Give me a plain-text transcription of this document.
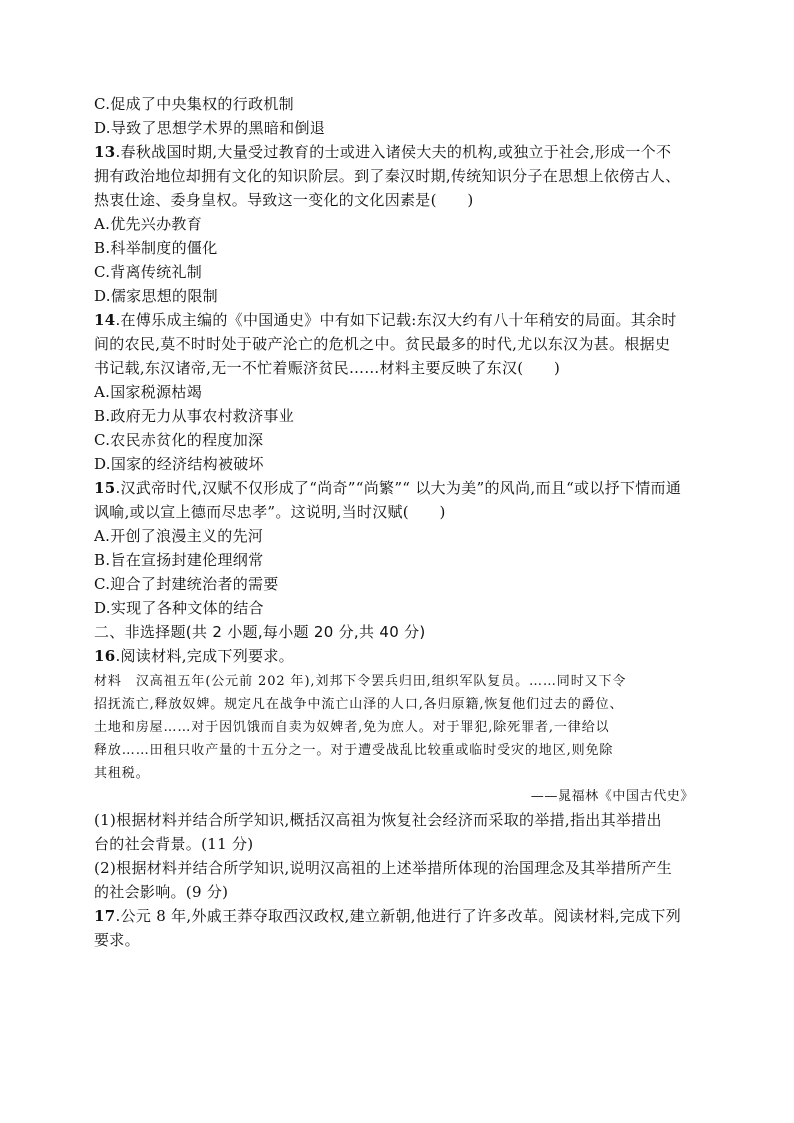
C.促成了中央集权的行政机制
D.导致了思想学术界的黑暗和倒退
13.春秋战国时期,大量受过教育的士或进入诸侯大夫的机构,或独立于社会,形成一个不
拥有政治地位却拥有文化的知识阶层。到了秦汉时期,传统知识分子在思想上依傍古人、
热衷仕途、委身皇权。导致这一变化的文化因素是(　　)
A.优先兴办教育
B.科举制度的僵化
C.背离传统礼制
D.儒家思想的限制
14.在傅乐成主编的《中国通史》中有如下记载:东汉大约有八十年稍安的局面。其余时
间的农民,莫不时时处于破产沦亡的危机之中。贫民最多的时代,尤以东汉为甚。根据史
书记载,东汉诸帝,无一不忙着赈济贫民……材料主要反映了东汉(　　)
A.国家税源枯竭
B.政府无力从事农村救济事业
C.农民赤贫化的程度加深
D.国家的经济结构被破坏
15.汉武帝时代,汉赋不仅形成了“尚奇”“尚繁”“ 以大为美”的风尚,而且“或以抒下情而通
讽喻,或以宣上德而尽忠孝”。这说明,当时汉赋(　　)
A.开创了浪漫主义的先河
B.旨在宣扬封建伦理纲常
C.迎合了封建统治者的需要
D.实现了各种文体的结合
二、非选择题(共 2 小题,每小题 20 分,共 40 分)
16.阅读材料,完成下列要求。
材料 汉高祖五年(公元前 202 年),刘邦下令罢兵归田,组织军队复员。……同时又下令
招抚流亡,释放奴婢。规定凡在战争中流亡山泽的人口,各归原籍,恢复他们过去的爵位、
土地和房屋……对于因饥饿而自卖为奴婢者,免为庶人。对于罪犯,除死罪者,一律给以
释放……田租只收产量的十五分之一。对于遭受战乱比较重或临时受灾的地区,则免除
其租税。
——晁福林《中国古代史》
(1)根据材料并结合所学知识,概括汉高祖为恢复社会经济而采取的举措,指出其举措出
台的社会背景。(11 分)
(2)根据材料并结合所学知识,说明汉高祖的上述举措所体现的治国理念及其举措所产生
的社会影响。(9 分)
17.公元 8 年,外戚王莽夺取西汉政权,建立新朝,他进行了许多改革。阅读材料,完成下列
要求。
